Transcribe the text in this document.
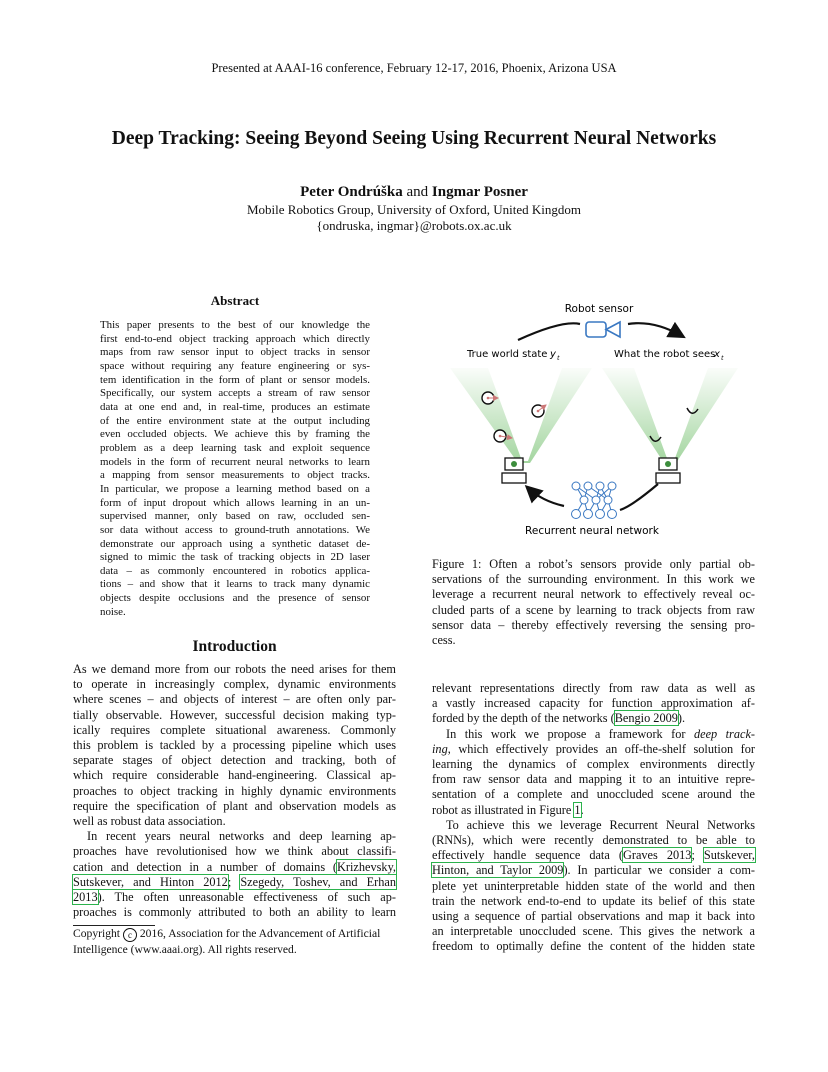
Presented at AAAI-16 conference, February 12-17, 2016, Phoenix, Arizona USA
Deep Tracking: Seeing Beyond Seeing Using Recurrent Neural Networks
Peter Ondrúška and Ingmar Posner
Mobile Robotics Group, University of Oxford, United Kingdom
{ondruska, ingmar}@robots.ox.ac.uk
Abstract
This paper presents to the best of our knowledge the
first end-to-end object tracking approach which directly
maps from raw sensor input to object tracks in sensor
space without requiring any feature engineering or sys-
tem identification in the form of plant or sensor models.
Specifically, our system accepts a stream of raw sensor
data at one end and, in real-time, produces an estimate
of the entire environment state at the output including
even occluded objects. We achieve this by framing the
problem as a deep learning task and exploit sequence
models in the form of recurrent neural networks to learn
a mapping from sensor measurements to object tracks.
In particular, we propose a learning method based on a
form of input dropout which allows learning in an un-
supervised manner, only based on raw, occluded sen-
sor data without access to ground-truth annotations. We
demonstrate our approach using a synthetic dataset de-
signed to mimic the task of tracking objects in 2D laser
data – as commonly encountered in robotics applica-
tions – and show that it learns to track many dynamic
objects despite occlusions and the presence of sensor
noise.
Introduction
As we demand more from our robots the need arises for them
to operate in increasingly complex, dynamic environments
where scenes – and objects of interest – are often only par-
tially observable. However, successful decision making typ-
ically requires complete situational awareness. Commonly
this problem is tackled by a processing pipeline which uses
separate stages of object detection and tracking, both of
which require considerable hand-engineering. Classical ap-
proaches to object tracking in highly dynamic environments
require the specification of plant and observation models as
well as robust data association.
In recent years neural networks and deep learning ap-
proaches have revolutionised how we think about classifi-
cation and detection in a number of domains (Krizhevsky,
Sutskever, and Hinton 2012; Szegedy, Toshev, and Erhan
2013). The often unreasonable effectiveness of such ap-
proaches is commonly attributed to both an ability to learn
Copyright c 2016, Association for the Advancement of Artificial
Intelligence (www.aaai.org). All rights reserved.
Robot sensor
True world state y t	What the robot sees
x t
Recurrent neural network
Figure 1: Often a robot’s sensors provide only partial ob-
servations of the surrounding environment. In this work we
leverage a recurrent neural network to effectively reveal oc-
cluded parts of a scene by learning to track objects from raw
sensor data – thereby effectively reversing the sensing pro-
cess.
relevant representations directly from raw data as well as
a vastly increased capacity for function approximation af-
forded by the depth of the networks (Bengio 2009).
In this work we propose a framework for deep track-
ing, which effectively provides an off-the-shelf solution for
learning the dynamics of complex environments directly
from raw sensor data and mapping it to an intuitive repre-
sentation of a complete and unoccluded scene around the
robot as illustrated in Figure 1.
To achieve this we leverage Recurrent Neural Networks
(RNNs), which were recently demonstrated to be able to
effectively handle sequence data (Graves 2013; Sutskever,
Hinton, and Taylor 2009). In particular we consider a com-
plete yet uninterpretable hidden state of the world and then
train the network end-to-end to update its belief of this state
using a sequence of partial observations and map it back into
an interpretable unoccluded scene. This gives the network a
freedom to optimally define the content of the hidden state
